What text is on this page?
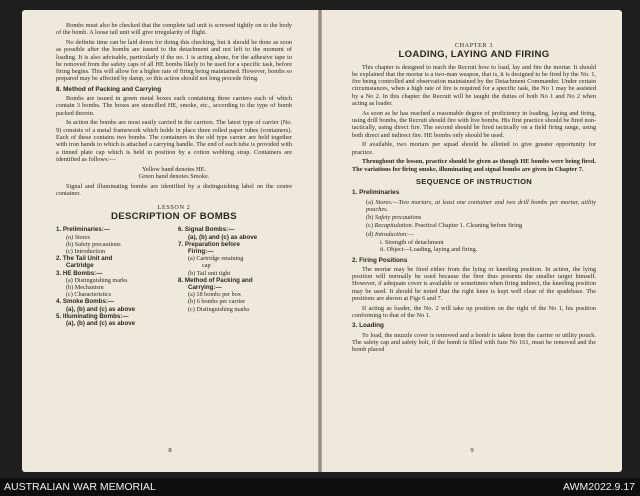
Bombs must also be checked that the complete tail unit is screwed tightly on to the body of the bomb. A loose tail unit will give irregularity of flight.

No definite time can be laid down for doing this checking, but it should be done as soon as possible after the bombs are issued to the detachment and not left to the moment of loading. It is also advisable, particularly if the no. 1 is acting alone, for the adhesive tape to be removed from the safety caps of all HE bombs likely to be used for a specific task, before firing begins. This will allow for a higher rate of firing being maintained. However, bombs so prepared may be affected by damp, so this action should not long precede firing.

8. Method of Packing and Carrying

Bombs are issued in green metal boxes each containing three carriers each of which contain 3 bombs. The boxes are stencilled HE, smoke, etc., according to the type of bomb packed therein.

In action the bombs are most easily carried in the carriers. The latest type of carrier (No. 9) consists of a metal framework which holds in place three rolled paper tubes (containers). Each of these contains two bombs. The containers in the old type carrier are held together with iron bands to which is attached a carrying handle. The end of each tube is provided with a tinned plate cap which is held in position by a cotton webbing strap. Containers are identified as follows:—

Yellow band denotes HE.

Green band denotes Smoke.

Signal and illuminating bombs are identified by a distinguishing label on the centre container.

LESSON 2
DESCRIPTION OF BOMBS
1. Preliminaries:—
(a) Stores
(b) Safety precautions
(c) Introduction
2. The Tail Unit and
Cartridge
3. HE Bombs:—
(a) Distinguishing marks
(b) Mechanism
(c) Characteristics
4. Smoke Bombs:—
(a), (b) and (c) as above
5. Illuminating Bombs:—
(a), (b) and (c) as above
6. Signal Bombs:—
(a), (b) and (c) as above
7. Preparation before
Firing:—
(a) Cartridge retaining
cap
(b) Tail unit tight
8. Method of Packing and
Carrying:—
(a) 18 bombs per box
(b) 6 bombs per carrier
(c) Distinguishing marks
8
CHAPTER 3
LOADING, LAYING AND FIRING

This chapter is designed to teach the Recruit how to load, lay and fire the mortar. It should be explained that the mortar is a two-man weapon, that is, it is designed to be fired by the No. 1, fire being controlled and observation maintained by the Detachment Commander. Under certain circumstances, when a high rate of fire is required for a specific task, the No 1 may be assisted by a No 2. In this chapter the Recruit will be taught the duties of both No 1 and No 2 when acting as loader.

As soon as he has reached a reasonable degree of proficiency in loading, laying and firing, using drill bombs, the Recruit should fire with live bombs. His first practice should be fired non-tactically, using direct fire. The second should be fired tactically on a field firing range, using both direct and indirect fire. HE bombs only should be used.

If available, two mortars per squad should be allotted to give greater opportunity for practice.

Throughout the lesson, practice should be given as though HE bombs were being fired. The variations for firing smoke, illuminating and signal bombs are given in Chapter 7.

SEQUENCE OF INSTRUCTION
1. Preliminaries

(a) Stores:—Two mortars, at least one container and two drill bombs per mortar, utility pouches.

(b) Safety precautions

(c) Recapitulation. Practical Chapter 1. Cleaning before firing

(d) Introduction:—

i. Strength of detachment

ii. Object—Loading, laying and firing.

2. Firing Positions

The mortar may be fired either from the lying or kneeling position. In action, the lying position will normally be used because the firer thus presents the smaller target himself. However, if adequate cover is available or sometimes when firing indirect, the kneeling position may be used. It should be noted that the right knee is kept well clear of the spadebase. The positions are shown at Figs 6 and 7.

If acting as loader, the No. 2 will take up position on the right of the No 1, his position conforming to that of the No 1.

3. Loading

To load, the muzzle cover is removed and a bomb is taken from the carrier or utility pouch. The safety cap and safety bolt, if the bomb is filled with fuze No 161, must be removed and the bomb placed

9
AUSTRALIAN WAR MEMORIAL	AWM2022.9.17
